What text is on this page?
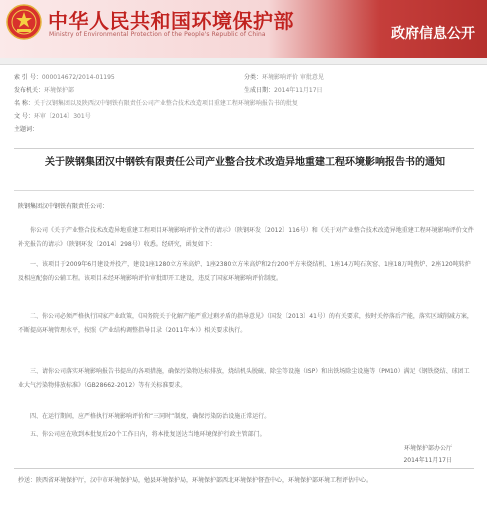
中华人民共和国环境保护部
Ministry of Environmental Protection of the People's Republic of China	政府信息公开
索 引 号：000014672/2014-01195	分类：环境影响评价 审批意见
发布机关：环境保护部	生成日期：2014年11月17日
名 称：关于汉钢集团以及陕西汉中钢铁有限责任公司产业整合技术改造项目重建工程环境影响报告书的批复
文 号：环审〔2014〕301号
主题词：
关于陕钢集团汉中钢铁有限责任公司产业整合技术改造异地重建工程环境影响报告书的通知
陕钢集团汉中钢铁有限责任公司：

你公司《关于产业整合技术改造异地重建工程项目环境影响评价文件的请示》（陕钢环发〔2012〕116号）和《关于对产业整合技术改造异地重建工程环境影响评价文件补充报告的请示》（陕钢环发〔2014〕298号）收悉。经研究，函复如下：

一、该项目于2009年6月建设并投产，建设1座1280立方米高炉、1座2380立方米高炉和2台200平方米烧结机、1座14万吨石灰窑、1座18万吨焦炉、2座120吨转炉及相应配套的公辅工程。该项目未经环境影响评价审批即开工建设，违反了国家环境影响评价制度。

二、你公司必须严格执行国家产业政策，《国务院关于化解产能严重过剩矛盾的指导意见》（国发〔2013〕41号）的有关要求，按时关停落后产能，落实区域削减方案，不断提高环境管理水平，按照《产业结构调整指导目录（2011年本）》相关要求执行。

三、请你公司落实环境影响报告书提出的各项措施，确保污染物达标排放，烧结机头脱硫、除尘等设施（ISP）和出铁场除尘设施等（PM10）满足《钢铁烧结、球团工业大气污染物排放标准》（GB28662-2012）等有关标准要求。

四、在运行期间，应严格执行环境影响评价和“三同时”制度，确保污染防治设施正常运行。

五、你公司应在收到本批复后20个工作日内，将本批复送达当地环境保护行政主管部门。

环境保护部办公厅
2014年11月17日
抄送：陕西省环境保护厅，汉中市环境保护局，勉县环境保护局，环境保护部西北环境保护督查中心，环境保护部环境工程评估中心。
